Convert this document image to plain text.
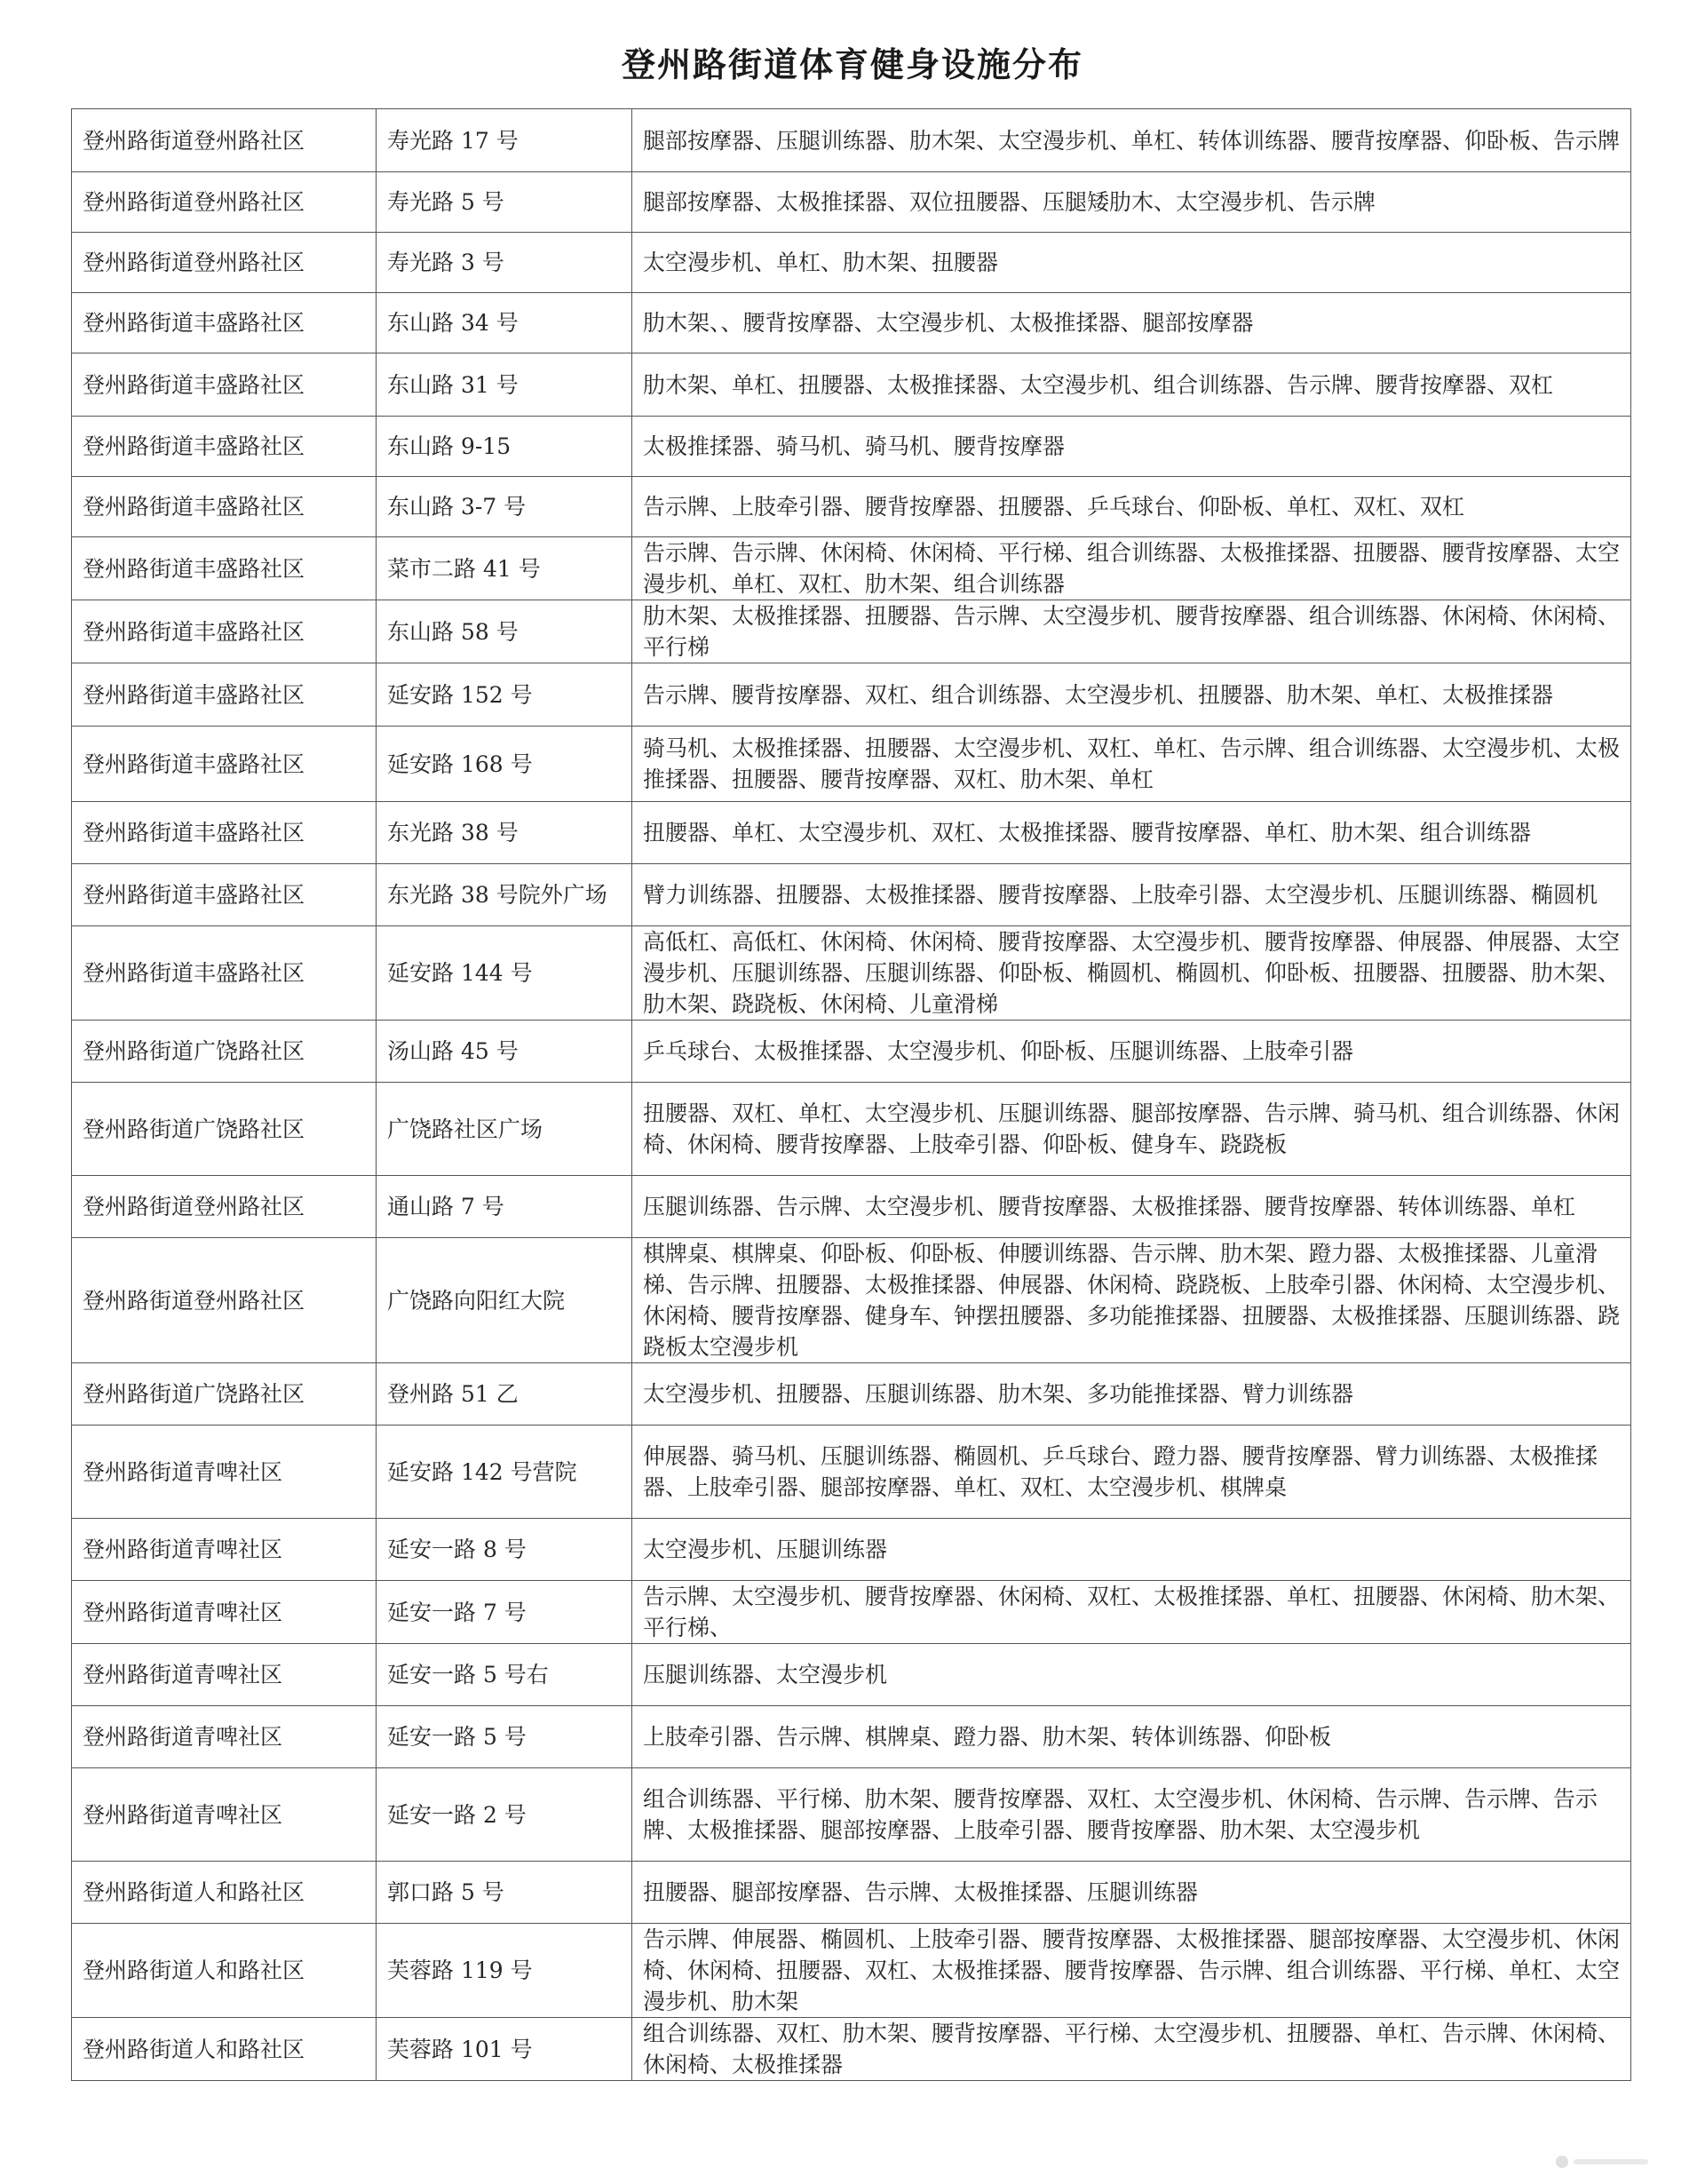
登州路街道体育健身设施分布
登州路街道登州路社区	寿光路 17 号	腿部按摩器、压腿训练器、肋木架、太空漫步机、单杠、转体训练器、腰背按摩器、仰卧板、告示牌
登州路街道登州路社区	寿光路 5 号	腿部按摩器、太极推揉器、双位扭腰器、压腿矮肋木、太空漫步机、告示牌
登州路街道登州路社区	寿光路 3 号	太空漫步机、单杠、肋木架、扭腰器
登州路街道丰盛路社区	东山路 34 号	肋木架、、腰背按摩器、太空漫步机、太极推揉器、腿部按摩器
登州路街道丰盛路社区	东山路 31 号	肋木架、单杠、扭腰器、太极推揉器、太空漫步机、组合训练器、告示牌、腰背按摩器、双杠
登州路街道丰盛路社区	东山路 9-15	太极推揉器、骑马机、骑马机、腰背按摩器
登州路街道丰盛路社区	东山路 3-7 号	告示牌、上肢牵引器、腰背按摩器、扭腰器、乒乓球台、仰卧板、单杠、双杠、双杠
登州路街道丰盛路社区	菜市二路 41 号	告示牌、告示牌、休闲椅、休闲椅、平行梯、组合训练器、太极推揉器、扭腰器、腰背按摩器、太空漫步机、单杠、双杠、肋木架、组合训练器
登州路街道丰盛路社区	东山路 58 号	肋木架、太极推揉器、扭腰器、告示牌、太空漫步机、腰背按摩器、组合训练器、休闲椅、休闲椅、平行梯
登州路街道丰盛路社区	延安路 152 号	告示牌、腰背按摩器、双杠、组合训练器、太空漫步机、扭腰器、肋木架、单杠、太极推揉器
登州路街道丰盛路社区	延安路 168 号	骑马机、太极推揉器、扭腰器、太空漫步机、双杠、单杠、告示牌、组合训练器、太空漫步机、太极推揉器、扭腰器、腰背按摩器、双杠、肋木架、单杠
登州路街道丰盛路社区	东光路 38 号	扭腰器、单杠、太空漫步机、双杠、太极推揉器、腰背按摩器、单杠、肋木架、组合训练器
登州路街道丰盛路社区	东光路 38 号院外广场	臂力训练器、扭腰器、太极推揉器、腰背按摩器、上肢牵引器、太空漫步机、压腿训练器、椭圆机
登州路街道丰盛路社区	延安路 144 号	高低杠、高低杠、休闲椅、休闲椅、腰背按摩器、太空漫步机、腰背按摩器、伸展器、伸展器、太空漫步机、压腿训练器、压腿训练器、仰卧板、椭圆机、椭圆机、仰卧板、扭腰器、扭腰器、肋木架、肋木架、跷跷板、休闲椅、儿童滑梯
登州路街道广饶路社区	汤山路 45 号	乒乓球台、太极推揉器、太空漫步机、仰卧板、压腿训练器、上肢牵引器
登州路街道广饶路社区	广饶路社区广场	扭腰器、双杠、单杠、太空漫步机、压腿训练器、腿部按摩器、告示牌、骑马机、组合训练器、休闲椅、休闲椅、腰背按摩器、上肢牵引器、仰卧板、健身车、跷跷板
登州路街道登州路社区	通山路 7 号	压腿训练器、告示牌、太空漫步机、腰背按摩器、太极推揉器、腰背按摩器、转体训练器、单杠
登州路街道登州路社区	广饶路向阳红大院	棋牌桌、棋牌桌、仰卧板、仰卧板、伸腰训练器、告示牌、肋木架、蹬力器、太极推揉器、儿童滑梯、告示牌、扭腰器、太极推揉器、伸展器、休闲椅、跷跷板、上肢牵引器、休闲椅、太空漫步机、休闲椅、腰背按摩器、健身车、钟摆扭腰器、多功能推揉器、扭腰器、太极推揉器、压腿训练器、跷跷板太空漫步机
登州路街道广饶路社区	登州路 51 乙	太空漫步机、扭腰器、压腿训练器、肋木架、多功能推揉器、臂力训练器
登州路街道青啤社区	延安路 142 号营院	伸展器、骑马机、压腿训练器、椭圆机、乒乓球台、蹬力器、腰背按摩器、臂力训练器、太极推揉器、上肢牵引器、腿部按摩器、单杠、双杠、太空漫步机、棋牌桌
登州路街道青啤社区	延安一路 8 号	太空漫步机、压腿训练器
登州路街道青啤社区	延安一路 7 号	告示牌、太空漫步机、腰背按摩器、休闲椅、双杠、太极推揉器、单杠、扭腰器、休闲椅、肋木架、平行梯、
登州路街道青啤社区	延安一路 5 号右	压腿训练器、太空漫步机
登州路街道青啤社区	延安一路 5 号	上肢牵引器、告示牌、棋牌桌、蹬力器、肋木架、转体训练器、仰卧板
登州路街道青啤社区	延安一路 2 号	组合训练器、平行梯、肋木架、腰背按摩器、双杠、太空漫步机、休闲椅、告示牌、告示牌、告示牌、太极推揉器、腿部按摩器、上肢牵引器、腰背按摩器、肋木架、太空漫步机
登州路街道人和路社区	郭口路 5 号	扭腰器、腿部按摩器、告示牌、太极推揉器、压腿训练器
登州路街道人和路社区	芙蓉路 119 号	告示牌、伸展器、椭圆机、上肢牵引器、腰背按摩器、太极推揉器、腿部按摩器、太空漫步机、休闲椅、休闲椅、扭腰器、双杠、太极推揉器、腰背按摩器、告示牌、组合训练器、平行梯、单杠、太空漫步机、肋木架
登州路街道人和路社区	芙蓉路 101 号	组合训练器、双杠、肋木架、腰背按摩器、平行梯、太空漫步机、扭腰器、单杠、告示牌、休闲椅、休闲椅、太极推揉器
